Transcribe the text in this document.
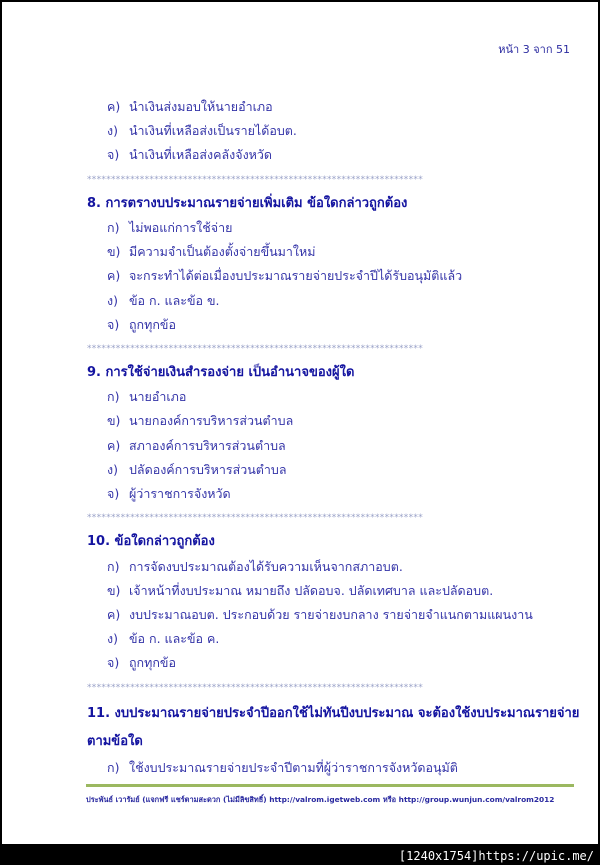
หน้า 3 จาก 51
ค) นำเงินส่งมอบให้นายอำเภอ
ง) นำเงินที่เหลือส่งเป็นรายได้อบต.
จ) นำเงินที่เหลือส่งคลังจังหวัด
**********************************************************************
8. การตรางบประมาณรายจ่ายเพิ่มเติม ข้อใดกล่าวถูกต้อง
ก) ไม่พอแก่การใช้จ่าย
ข) มีความจำเป็นต้องตั้งจ่ายขึ้นมาใหม่
ค) จะกระทำได้ต่อเมื่องบประมาณรายจ่ายประจำปีได้รับอนุมัติแล้ว
ง) ข้อ ก. และข้อ ข.
จ) ถูกทุกข้อ
**********************************************************************
9. การใช้จ่ายเงินสำรองจ่าย เป็นอำนาจของผู้ใด
ก) นายอำเภอ
ข) นายกองค์การบริหารส่วนตำบล
ค) สภาองค์การบริหารส่วนตำบล
ง) ปลัดองค์การบริหารส่วนตำบล
จ) ผู้ว่าราชการจังหวัด
**********************************************************************
10. ข้อใดกล่าวถูกต้อง
ก) การจัดงบประมาณต้องได้รับความเห็นจากสภาอบต.
ข) เจ้าหน้าที่งบประมาณ หมายถึง ปลัดอบจ. ปลัดเทศบาล และปลัดอบต.
ค) งบประมาณอบต. ประกอบด้วย รายจ่ายงบกลาง รายจ่ายจำแนกตามแผนงาน
ง) ข้อ ก. และข้อ ค.
จ) ถูกทุกข้อ
**********************************************************************
11. งบประมาณรายจ่ายประจำปีออกใช้ไม่ทันปีงบประมาณ จะต้องใช้งบประมาณรายจ่าย
ตามข้อใด
ก) ใช้งบประมาณรายจ่ายประจำปีตามที่ผู้ว่าราชการจังหวัดอนุมัติ
ประพันธ์ เวารัมย์ (แจกฟรี แชร์ตามสะดวก (ไม่มีลิขสิทธิ์) http://valrom.igetweb.com หรือ http://group.wunjun.com/valrom2012
[1240x1754]https://upic.me/
